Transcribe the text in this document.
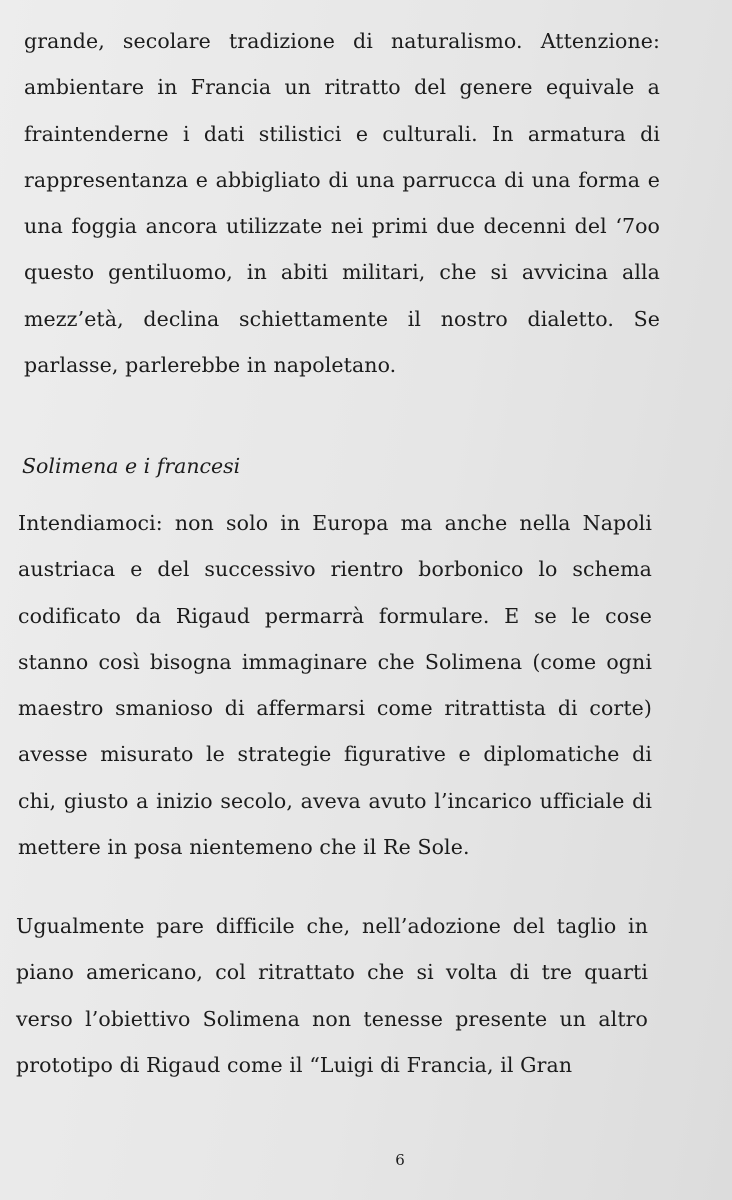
grande, secolare tradizione di naturalismo. Attenzione: ambientare in Francia un ritratto del genere equivale a fraintenderne i dati stilistici e culturali. In armatura di rappresentanza e abbigliato di una parrucca di una forma e una foggia ancora utilizzate nei primi due decenni del ‘7oo questo gentiluomo, in abiti militari, che si avvicina alla mezz’età, declina schiettamente il nostro dialetto. Se parlasse, parlerebbe in napoletano.
Solimena e i francesi
Intendiamoci: non solo in Europa ma anche nella Napoli austriaca e del successivo rientro borbonico lo schema codificato da Rigaud permarrà formulare. E se le cose stanno così bisogna immaginare che Solimena (come ogni maestro smanioso di affermarsi come ritrattista di corte) avesse misurato le strategie figurative e diplomatiche di chi, giusto a inizio secolo, aveva avuto l’incarico ufficiale di mettere in posa nientemeno che il Re Sole.
Ugualmente pare difficile che, nell’adozione del taglio in piano americano, col ritrattato che si volta di tre quarti verso l’obiettivo Solimena non tenesse presente un altro prototipo di Rigaud come il “Luigi di Francia, il Gran
6
